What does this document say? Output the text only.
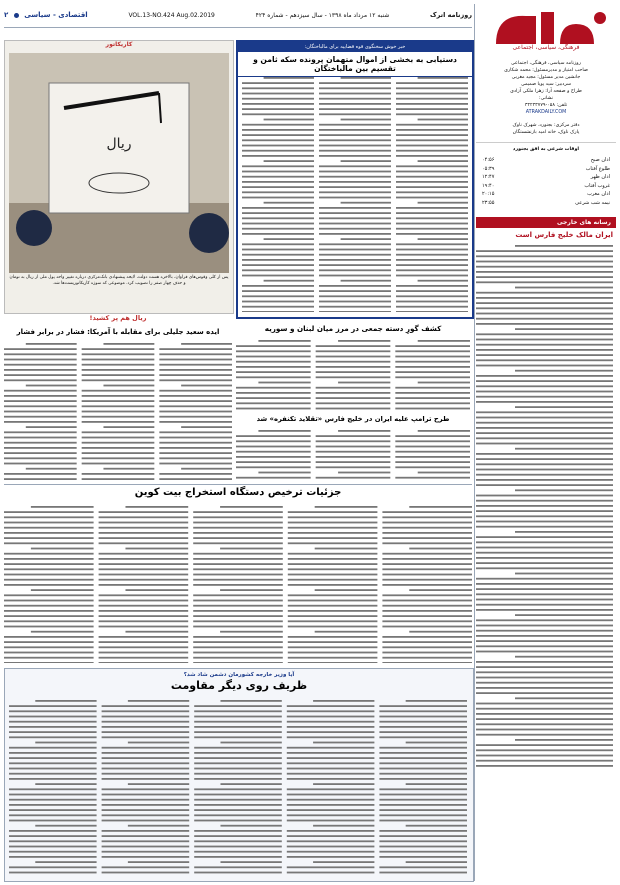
روزنامه اترک
شنبه ۱۲ مرداد ماه ۱۳۹۸ - سال سیزدهم - شماره ۴۲۴
VOL.13-NO.424 Aug.02.2019
اقتصادی - سیاسی  ۲
فرهنگی، سیاسی، اجتماعی
روزنامه سیاسی، فرهنگی، اجتماعی
صاحب امتیاز و مدیرمسئول: محمد شکاری
جانشین مدیر مسئول: مجید مغربی
سردبیر: سید پویا صمیمی
طراح و صفحه آرا: زهرا ملکی آزادی
نشانی:
تلفن: ۰۵۸-۳۲۲۴۳۷۷۹
ATRAKDAILY.COM
دفتر مرکزی: بجنورد، شهرک ناوک
پارک ناوک، خانه امید بازنشستگان
اوقات شرعی به افق بجنورد
اذان صبح
۰۴:۵۶
طلوع آفتاب
۰۵:۳۹
اذان ظهر
۱۲:۴۷
غروب آفتاب
۱۹:۴۰
اذان مغرب
۲۰:۱۵
نیمه شب شرعی
۲۳:۵۵
رسانه های خارجی
ایران مالک خلیج فارس است
خبر خوش سخنگوی قوه قضاییه برای مالباختگان:
دستیابی به بخشی از اموال متهمان پرونده سکه ثامن و تقسیم بین مالباختگان
کاریکاتور
ریال
پس از کلی وقوس‌های فراوان، بالاخره هست دولت، لایحه پیشنهادی بانک‌مرکزی درباره تغییر واحد پول ملی از ریال به تومان و حذف چهار صفر را تصویب کرد. موضوعی که سوژه کاریکاتوریست‌ها شد.
ریال هم پر کشید!
کشف گورِ دسته جمعی در مرز میان لبنان و سوریه
ایده سعید جلیلی برای مقابله با آمریکا: فشار در برابر فشار
طرح ترامپ علیه ایران در خلیج فارس «تقلاید تکنفره» شد
جزئیات ترخیص دستگاه استخراج بیت کوین
آیا وزیر خارجه کشورمان دشمن شاد شد؟
ظریف روی دیگر مقاومت
